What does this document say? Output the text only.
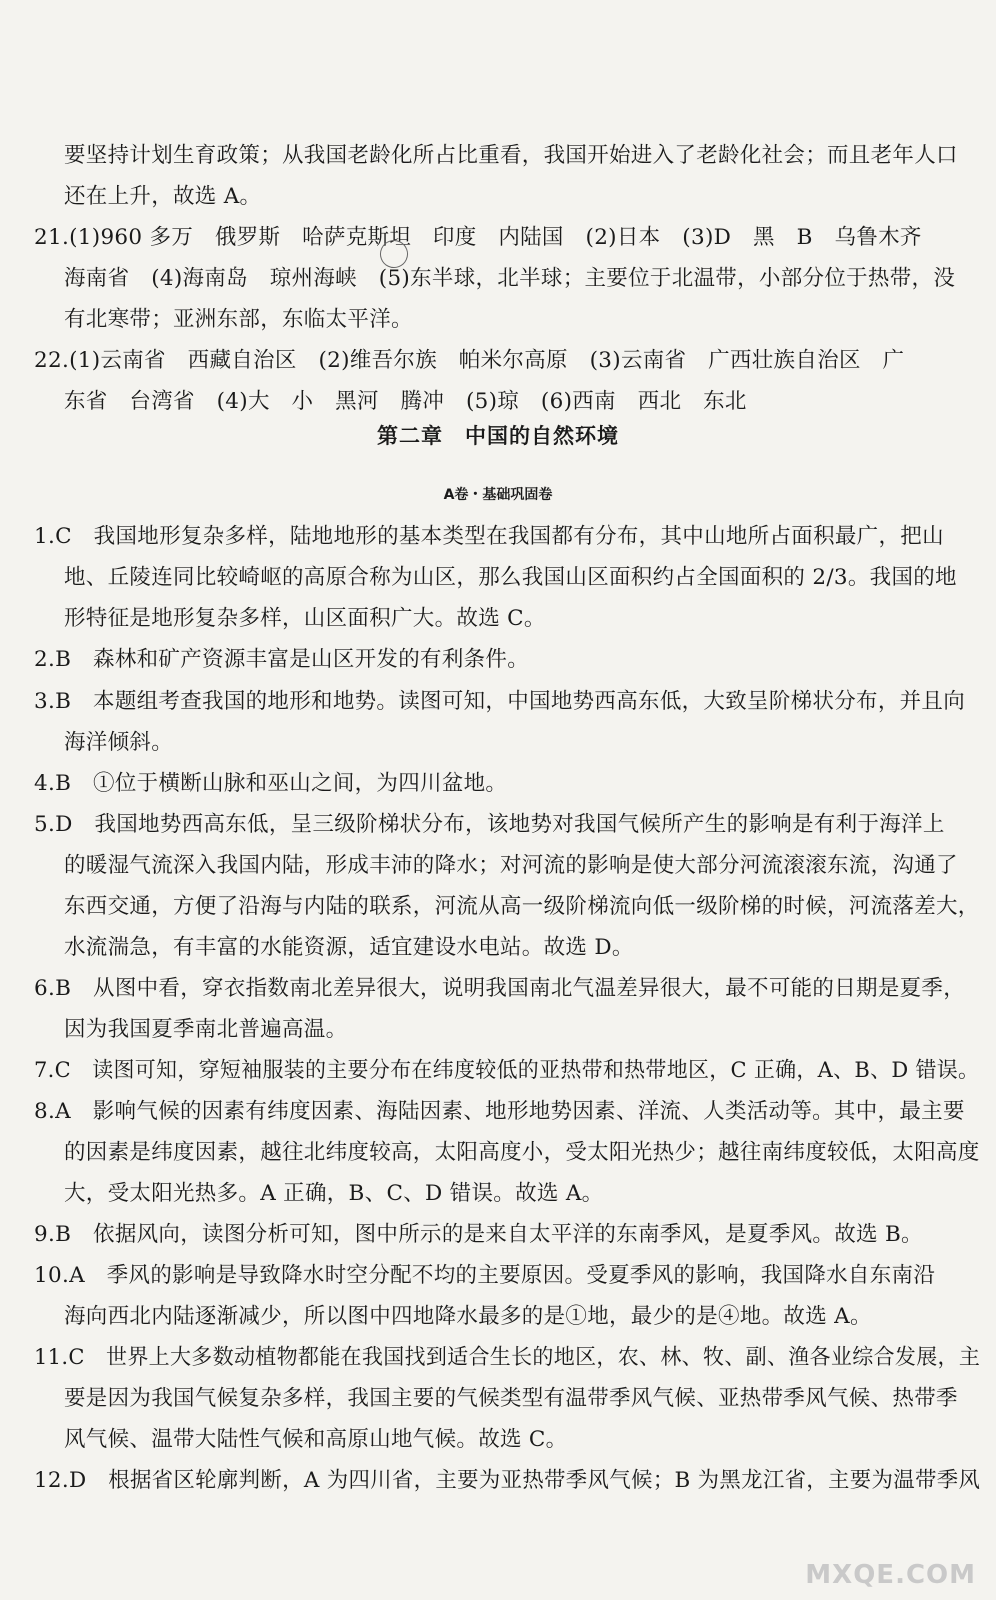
要坚持计划生育政策；从我国老龄化所占比重看，我国开始进入了老龄化社会；而且老年人口

还在上升，故选 A。

21.(1)960 多万　俄罗斯　哈萨克斯坦　印度　内陆国　(2)日本　(3)D　黑　B　乌鲁木齐

海南省　(4)海南岛　琼州海峡　(5)东半球，北半球；主要位于北温带，小部分位于热带，没

有北寒带；亚洲东部，东临太平洋。

22.(1)云南省　西藏自治区　(2)维吾尔族　帕米尔高原　(3)云南省　广西壮族自治区　广

东省　台湾省　(4)大　小　黑河　腾冲　(5)琼　(6)西南　西北　东北

第二章 中国的自然环境
A卷・基础巩固卷

1.C　我国地形复杂多样，陆地地形的基本类型在我国都有分布，其中山地所占面积最广，把山

地、丘陵连同比较崎岖的高原合称为山区，那么我国山区面积约占全国面积的 2/3。我国的地

形特征是地形复杂多样，山区面积广大。故选 C。

2.B　森林和矿产资源丰富是山区开发的有利条件。

3.B　本题组考查我国的地形和地势。读图可知，中国地势西高东低，大致呈阶梯状分布，并且向

海洋倾斜。

4.B　①位于横断山脉和巫山之间，为四川盆地。

5.D　我国地势西高东低，呈三级阶梯状分布，该地势对我国气候所产生的影响是有利于海洋上

的暖湿气流深入我国内陆，形成丰沛的降水；对河流的影响是使大部分河流滚滚东流，沟通了

东西交通，方便了沿海与内陆的联系，河流从高一级阶梯流向低一级阶梯的时候，河流落差大，

水流湍急，有丰富的水能资源，适宜建设水电站。故选 D。

6.B　从图中看，穿衣指数南北差异很大，说明我国南北气温差异很大，最不可能的日期是夏季，

因为我国夏季南北普遍高温。

7.C　读图可知，穿短袖服装的主要分布在纬度较低的亚热带和热带地区，C 正确，A、B、D 错误。

8.A　影响气候的因素有纬度因素、海陆因素、地形地势因素、洋流、人类活动等。其中，最主要

的因素是纬度因素，越往北纬度较高，太阳高度小，受太阳光热少；越往南纬度较低，太阳高度

大，受太阳光热多。A 正确，B、C、D 错误。故选 A。

9.B　依据风向，读图分析可知，图中所示的是来自太平洋的东南季风，是夏季风。故选 B。

10.A　季风的影响是导致降水时空分配不均的主要原因。受夏季风的影响，我国降水自东南沿

海向西北内陆逐渐减少，所以图中四地降水最多的是①地，最少的是④地。故选 A。

11.C　世界上大多数动植物都能在我国找到适合生长的地区，农、林、牧、副、渔各业综合发展，主

要是因为我国气候复杂多样，我国主要的气候类型有温带季风气候、亚热带季风气候、热带季

风气候、温带大陆性气候和高原山地气候。故选 C。

12.D　根据省区轮廓判断，A 为四川省，主要为亚热带季风气候；B 为黑龙江省，主要为温带季风

MXQE.COM
